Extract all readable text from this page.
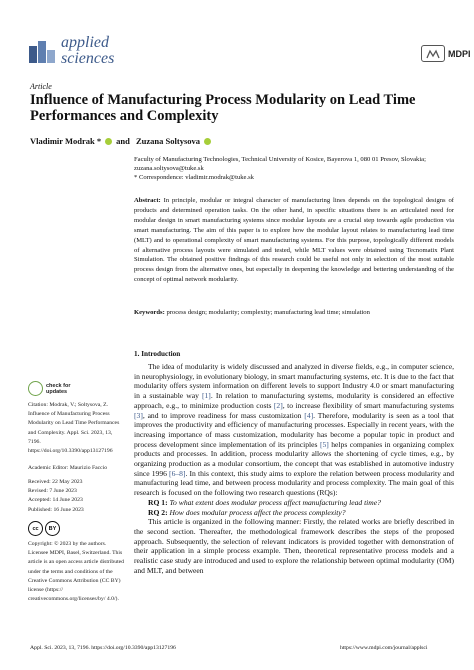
applied
sciences	MDPI
Article
Influence of Manufacturing Process Modularity on Lead Time Performances and Complexity
Vladimir Modrak * and
Zuzana Soltysova
Faculty of Manufacturing Technologies, Technical University of Kosice, Bayerova 1, 080 01 Presov, Slovakia;
zuzana.soltysova@tuke.sk
* Correspondence: vladimir.modrak@tuke.sk
Abstract: In principle, modular or integral character of manufacturing lines depends on the topological designs of products and determined operation tasks. On the other hand, in specific situations there is an articulated need for modular design in smart manufacturing systems since modular layouts are a crucial step towards agile production via smart manufacturing. The aim of this paper is to explore how the modular layout relates to manufacturing lead time (MLT) and to operational complexity of smart manufacturing systems. For this purpose, topologically different models of alternative process layouts were simulated and tested, while MLT values were obtained using Tecnomatix Plant Simulation. The obtained positive findings of this research could be useful not only in selection of the most suitable process design from the alternative ones, but especially in deepening the knowledge and bettering understanding of the concept of optimal network modularity.
Keywords: process design; modularity; complexity; manufacturing lead time; simulation
1. Introduction

The idea of modularity is widely discussed and analyzed in diverse fields, e.g., in computer science, in neurophysiology, in evolutionary biology, in smart manufacturing systems, etc. It is due to the fact that modularity offers system information on different levels to support Industry 4.0 or smart manufacturing in a sustainable way [1]. In relation to manufacturing systems, modularity is considered an effective approach, e.g., to minimize production costs [2], to increase flexibility of smart manufacturing systems [3], and to improve readiness for mass customization [4]. Therefore, modularity is seen as a tool that improves the productivity and efficiency of manufacturing processes. Especially in recent years, with the increasing importance of mass customization, modularity has become a popular topic in product and process development since implementation of its principles [5] helps companies in organizing complex products and processes. In addition, process modularity allows the shortening of cycle times, e.g., by organizing production as a modular consortium, the concept that was established in automotive industry since 1996 [6–8]. In this context, this study aims to explore the relation between process modularity and manufacturing lead time, and between process modularity and process complexity. The main goal of this research is focused on the following two research questions (RQs):

RQ 1: To what extent does modular process affect manufacturing lead time?

RQ 2: How does modular process affect the process complexity?

This article is organized in the following manner: Firstly, the related works are briefly described in the second section. Thereafter, the methodological framework describes the steps of the proposed approach. Subsequently, the selection of relevant indicators is provided together with demonstration of their application in a simple process example. Then, theoretical representative process models and a realistic case study are introduced and used to explore the relationship between optimal modularity (OM) and MLT, and between

check for
updates
Citation: Modrak, V.; Soltysova, Z. Influence of Manufacturing Process Modularity on Lead Time Performances and Complexity. Appl. Sci. 2023, 13, 7196. https://doi.org/10.3390/app13127196
Academic Editor: Maurizio Faccio
Received: 22 May 2023
Revised: 7 June 2023
Accepted: 14 June 2023
Published: 16 June 2023
cc	BY
Copyright: © 2023 by the authors. Licensee MDPI, Basel, Switzerland. This article is an open access article distributed under the terms and conditions of the Creative Commons Attribution (CC BY) license (https:// creativecommons.org/licenses/by/ 4.0/).
Appl. Sci. 2023, 13, 7196. https://doi.org/10.3390/app13127196	https://www.mdpi.com/journal/applsci
